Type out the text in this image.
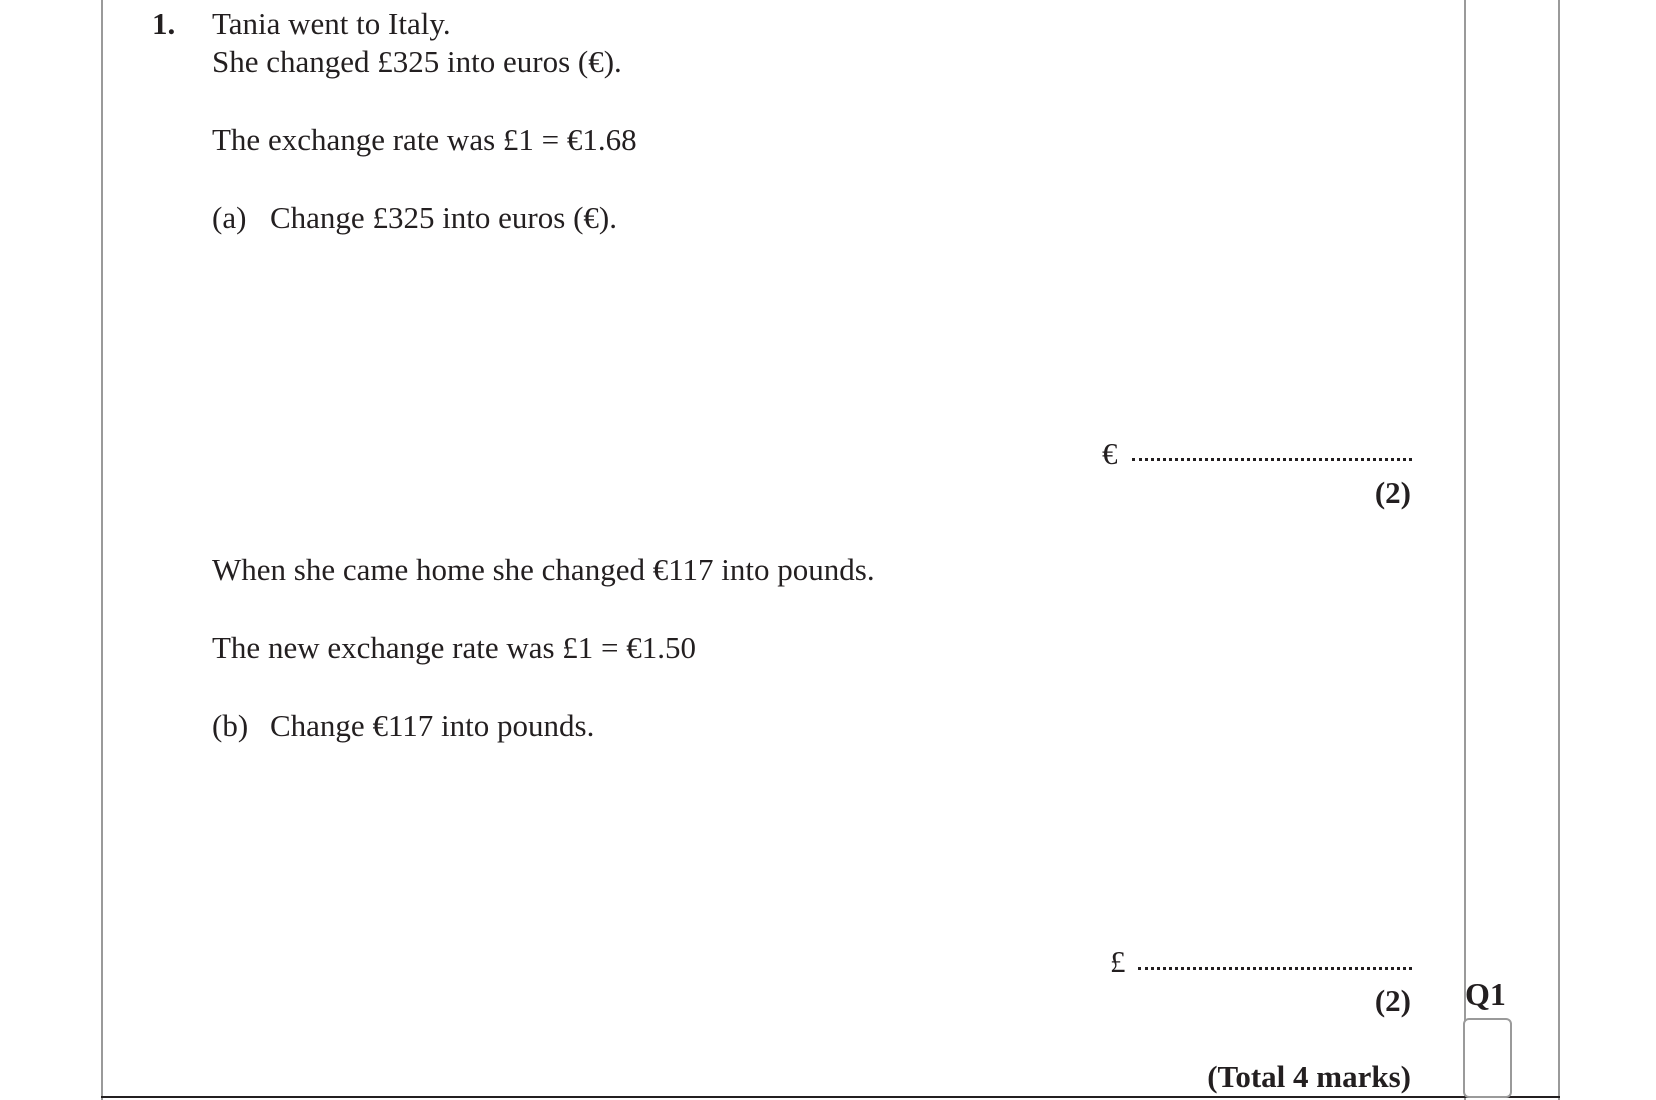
1. Tania went to Italy.
She changed £325 into euros (€).
The exchange rate was £1 = €1.68
(a) Change £325 into euros (€).
€
(2)
When she came home she changed €117 into pounds.
The new exchange rate was £1 = €1.50
(b) Change €117 into pounds.
£
(2)
(Total 4 marks)
Q1
